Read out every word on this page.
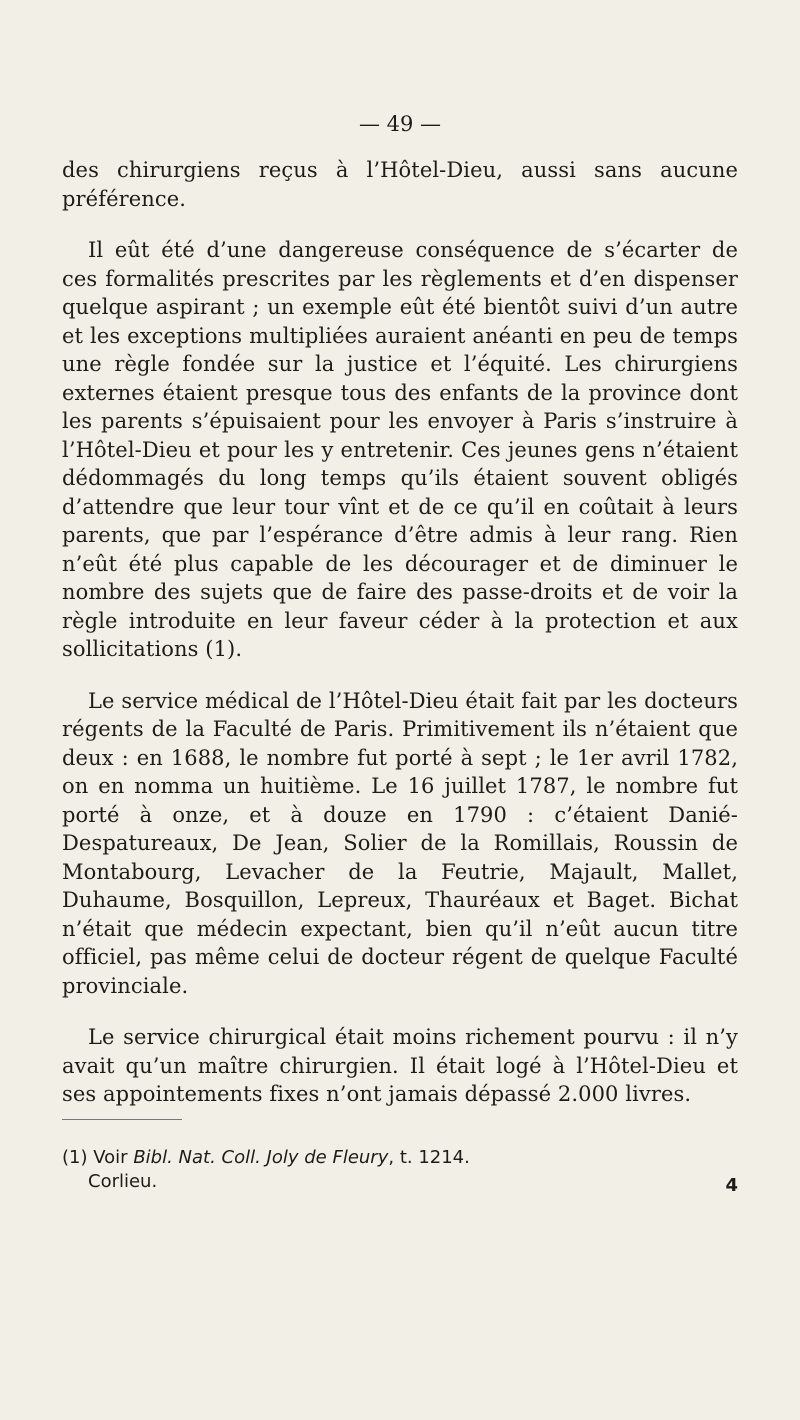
— 49 —

des chirurgiens reçus à l’Hôtel-Dieu, aussi sans aucune préférence.

Il eût été d’une dangereuse conséquence de s’écarter de ces formalités prescrites par les règlements et d’en dispenser quelque aspirant ; un exemple eût été bientôt suivi d’un autre et les exceptions multipliées auraient anéanti en peu de temps une règle fondée sur la justice et l’équité. Les chirurgiens externes étaient presque tous des enfants de la province dont les parents s’épuisaient pour les envoyer à Paris s’instruire à l’Hôtel-Dieu et pour les y entretenir. Ces jeunes gens n’étaient dédommagés du long temps qu’ils étaient souvent obligés d’attendre que leur tour vînt et de ce qu’il en coûtait à leurs parents, que par l’espérance d’être admis à leur rang. Rien n’eût été plus capable de les décourager et de diminuer le nombre des sujets que de faire des passe-droits et de voir la règle introduite en leur faveur céder à la protection et aux sollicitations (1).

Le service médical de l’Hôtel-Dieu était fait par les docteurs régents de la Faculté de Paris. Primitivement ils n’étaient que deux : en 1688, le nombre fut porté à sept ; le 1er avril 1782, on en nomma un huitième. Le 16 juillet 1787, le nombre fut porté à onze, et à douze en 1790 : c’étaient Danié-Despatureaux, De Jean, Solier de la Romillais, Roussin de Montabourg, Levacher de la Feutrie, Majault, Mallet, Duhaume, Bosquillon, Lepreux, Thauréaux et Baget. Bichat n’était que médecin expectant, bien qu’il n’eût aucun titre officiel, pas même celui de docteur régent de quelque Faculté provinciale.

Le service chirurgical était moins richement pourvu : il n’y avait qu’un maître chirurgien. Il était logé à l’Hôtel-Dieu et ses appointements fixes n’ont jamais dépassé 2.000 livres.

(1) Voir Bibl. Nat. Coll. Joly de Fleury, t. 1214.
Corlieu.	4
